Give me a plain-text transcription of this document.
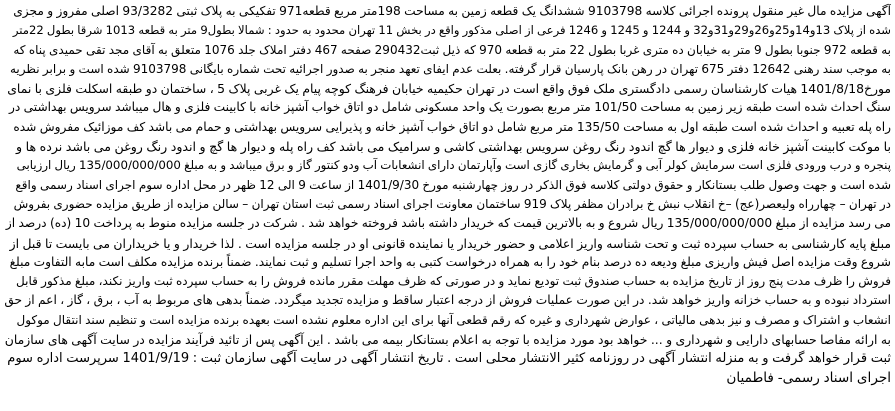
آگهی مزایده مال غیر منقول پرونده اجرائی کلاسه 9103798 ششدانگ یک قطعه زمین به مساحت 198متر مربع قطعه971 تفکیکی به پلاک ثبتی 93/3282 اصلی مفروز و مجزی
شده از پلاک 13و14و25و26و29و31و32 و 1244 و 1245 و 1246 فرعی از اصلی مذکور واقع در بخش 11 تهران محدود به حدود : شمالا بطول9 متر به قطعه 1013 شرقا بطول 22متر
به قطعه 972 جنوبا بطول 9 متر به خیابان ده متری غربا بطول 22 متر به قطعه 970 که ذیل ثبت290432 صفحه 467 دفتر املاک جلد 1076 متعلق به آقای مجد تقی حمیدی پناه که
به موجب سند رهنی 12642 دفتر 675 تهران در رهن بانک پارسیان قرار گرفته. بعلت عدم ایفای تعهد منجر به صدور اجرائیه تحت شماره بایگانی 9103798 شده است و برابر نظریه
مورخ1401/8/18 هیات کارشناسان رسمی دادگستری ملک فوق واقع است در تهران حکیمیه خیابان فرهنگ کوچه پیام یک غربی پلاک 5 ، ساختمان دو طبقه اسکلت فلزی با نمای
سنگ احداث شده است طبقه زیر زمین به مساحت 101/50 متر مربع بصورت یک واحد مسکونی شامل دو اتاق خواب آشپز خانه با کابینت فلزی و هال میباشد سرویس بهداشتی در
راه پله تعبیه و احداث شده است طبقه اول به مساحت 135/50 متر مربع شامل دو اتاق خواب آشپز خانه و پذیرایی سرویس بهداشتی و حمام می باشد کف موزائیک مفروش شده
با موکت کابینت آشپز خانه فلزی و دیوار ها گچ اندود رنگ روغن سرویس بهداشتی کاشی و سرامیک می باشد کف راه پله و دیوار ها گچ و اندود رنگ روغن می باشد نرده ها و
پنجره و درب ورودی فلزی است سرمایش کولر آبی و گرمایش بخاری گازی است وآپارتمان دارای انشعابات آب ودو کنتور گاز و برق میباشد و به مبلغ 135/000/000/000 ریال ارزیابی
شده است و جهت وصول طلب بستانکار و حقوق دولتی کلاسه فوق الذکر در روز چهارشنبه مورخ 1401/9/30 از ساعت 9 الی 12 ظهر در محل اداره سوم اجرای اسناد رسمی واقع
در تهران – چهارراه ولیعصر(عج) –خ انقلاب نبش خ برادران مظفر پلاک 919 ساختمان معاونت اجرای اسناد رسمی ثبت استان تهران – سالن مزایده از طریق مزایده حضوری بفروش
می رسد مزایده از مبلغ 135/000/000/000 ریال شروع و به بالاترین قیمت که خریدار داشته باشد فروخته خواهد شد . شرکت در جلسه مزایده منوط به پرداخت 10 (ده) درصد از
مبلغ پایه کارشناسی به حساب سپرده ثبت و تحت شناسه واریز اعلامی و حضور خریدار یا نماینده قانونی او در جلسه مزایده است . لذا خریدار و یا خریداران می بایست تا قبل از
شروع وقت مزایده اصل فیش واریزی مبلغ ودیعه ده درصد بنام خود را به همراه درخواست کتبی به واحد اجرا تسلیم و ثبت نمایند. ضمناً برنده مزایده مکلف است مابه التفاوت مبلغ
فروش را ظرف مدت پنج روز از تاریخ مزایده به حساب صندوق ثبت تودیع نماید و در صورتی که ظرف مهلت مقرر مانده فروش را به حساب سپرده ثبت واریز نکند، مبلغ مذکور قابل
استرداد نبوده و به حساب خزانه واریز خواهد شد. در این صورت عملیات فروش از درجه اعتبار ساقط و مزایده تجدید میگردد. ضمناً بدهی های مربوط به آب ، برق ، گاز ، اعم از حق
انشعاب و اشتراک و مصرف و نیز بدهی مالیاتی ، عوارض شهرداری و غیره که رقم قطعی آنها برای این اداره معلوم نشده است بعهده برنده مزایده است و تنظیم سند انتقال موکول
به ارائه مفاصا حسابهای دارایی و شهرداری و ... خواهد بود مورد مزایده با توجه به اعلام بستانکار بیمه می باشد . این آگهی پس از تائید فرآیند مزایده در سایت آگهی های سازمان
ثبت قرار خواهد گرفت و به منزله انتشار آگهی در روزنامه کثیر الانتشار محلی است . تاریخ انتشار آگهی در سایت آگهی سازمان ثبت : 1401/9/19 سرپرست اداره سوم
اجرای اسناد رسمی- فاطمیان
